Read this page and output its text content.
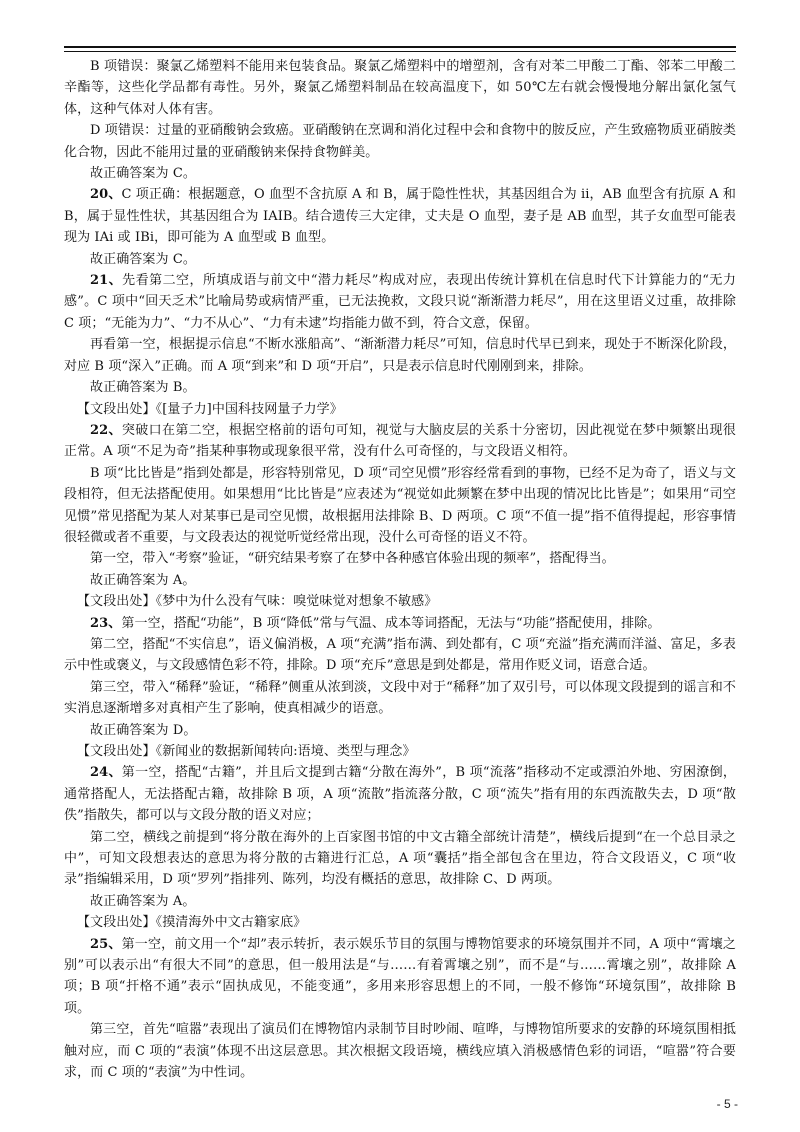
B 项错误：聚氯乙烯塑料不能用来包装食品。聚氯乙烯塑料中的增塑剂，含有对苯二甲酸二丁酯、邻苯二甲酸二辛酯等，这些化学品都有毒性。另外，聚氯乙烯塑料制品在较高温度下，如 50℃左右就会慢慢地分解出氯化氢气体，这种气体对人体有害。

D 项错误：过量的亚硝酸钠会致癌。亚硝酸钠在烹调和消化过程中会和食物中的胺反应，产生致癌物质亚硝胺类化合物，因此不能用过量的亚硝酸钠来保持食物鲜美。

故正确答案为 C。

20、C 项正确：根据题意，O 血型不含抗原 A 和 B，属于隐性性状，其基因组合为 ii，AB 血型含有抗原 A 和 B，属于显性性状，其基因组合为 IAIB。结合遗传三大定律，丈夫是 O 血型，妻子是 AB 血型，其子女血型可能表现为 IAi 或 IBi，即可能为 A 血型或 B 血型。

故正确答案为 C。

21、先看第二空，所填成语与前文中“潜力耗尽”构成对应，表现出传统计算机在信息时代下计算能力的“无力感”。C 项中“回天乏术”比喻局势或病情严重，已无法挽救，文段只说“渐渐潜力耗尽”，用在这里语义过重，故排除 C 项；“无能为力”、“力不从心”、“力有未逮”均指能力做不到，符合文意，保留。

再看第一空，根据提示信息“不断水涨船高”、“渐渐潜力耗尽”可知，信息时代早已到来，现处于不断深化阶段，对应 B 项“深入”正确。而 A 项“到来”和 D 项“开启”，只是表示信息时代刚刚到来，排除。

故正确答案为 B。

【文段出处】《[量子力]中国科技网量子力学》

22、突破口在第二空，根据空格前的语句可知，视觉与大脑皮层的关系十分密切，因此视觉在梦中频繁出现很正常。A 项“不足为奇”指某种事物或现象很平常，没有什么可奇怪的，与文段语义相符。

B 项“比比皆是”指到处都是，形容特别常见，D 项“司空见惯”形容经常看到的事物，已经不足为奇了，语义与文段相符，但无法搭配使用。如果想用“比比皆是”应表述为“视觉如此频繁在梦中出现的情况比比皆是”；如果用“司空见惯”常见搭配为某人对某事已是司空见惯，故根据用法排除 B、D 两项。C 项“不值一提”指不值得提起，形容事情很轻微或者不重要，与文段表达的视觉听觉经常出现，没什么可奇怪的语义不符。

第一空，带入“考察”验证，“研究结果考察了在梦中各种感官体验出现的频率”，搭配得当。

故正确答案为 A。

【文段出处】《梦中为什么没有气味：嗅觉味觉对想象不敏感》

23、第一空，搭配“功能”，B 项“降低”常与气温、成本等词搭配，无法与“功能”搭配使用，排除。

第二空，搭配“不实信息”，语义偏消极，A 项“充满”指布满、到处都有，C 项“充溢”指充满而洋溢、富足，多表示中性或褒义，与文段感情色彩不符，排除。D 项“充斥”意思是到处都是，常用作贬义词，语意合适。

第三空，带入“稀释”验证，“稀释”侧重从浓到淡，文段中对于“稀释”加了双引号，可以体现文段提到的谣言和不实消息逐渐增多对真相产生了影响，使真相减少的语意。

故正确答案为 D。

【文段出处】《新闻业的数据新闻转向:语境、类型与理念》

24、第一空，搭配“古籍”，并且后文提到古籍“分散在海外”，B 项“流落”指移动不定或漂泊外地、穷困潦倒，通常搭配人，无法搭配古籍，故排除 B 项，A 项“流散”指流落分散，C 项“流失”指有用的东西流散失去，D 项“散佚”指散失，都可以与文段分散的语义对应；

第二空，横线之前提到“将分散在海外的上百家图书馆的中文古籍全部统计清楚”，横线后提到“在一个总目录之中”，可知文段想表达的意思为将分散的古籍进行汇总，A 项“囊括”指全部包含在里边，符合文段语义，C 项“收录”指编辑采用，D 项“罗列”指排列、陈列，均没有概括的意思，故排除 C、D 两项。

故正确答案为 A。

【文段出处】《摸清海外中文古籍家底》

25、第一空，前文用一个“却”表示转折，表示娱乐节目的氛围与博物馆要求的环境氛围并不同，A 项中“霄壤之别”可以表示出“有很大不同”的意思，但一般用法是“与……有着霄壤之别”，而不是“与……霄壤之别”，故排除 A 项；B 项“扞格不通”表示“固执成见，不能变通”，多用来形容思想上的不同，一般不修饰“环境氛围”，故排除 B 项。

第三空，首先“喧嚣”表现出了演员们在博物馆内录制节目时吵闹、喧哗，与博物馆所要求的安静的环境氛围相抵触对应，而 C 项的“表演”体现不出这层意思。其次根据文段语境，横线应填入消极感情色彩的词语，“喧嚣”符合要求，而 C 项的“表演”为中性词。

- 5 -
